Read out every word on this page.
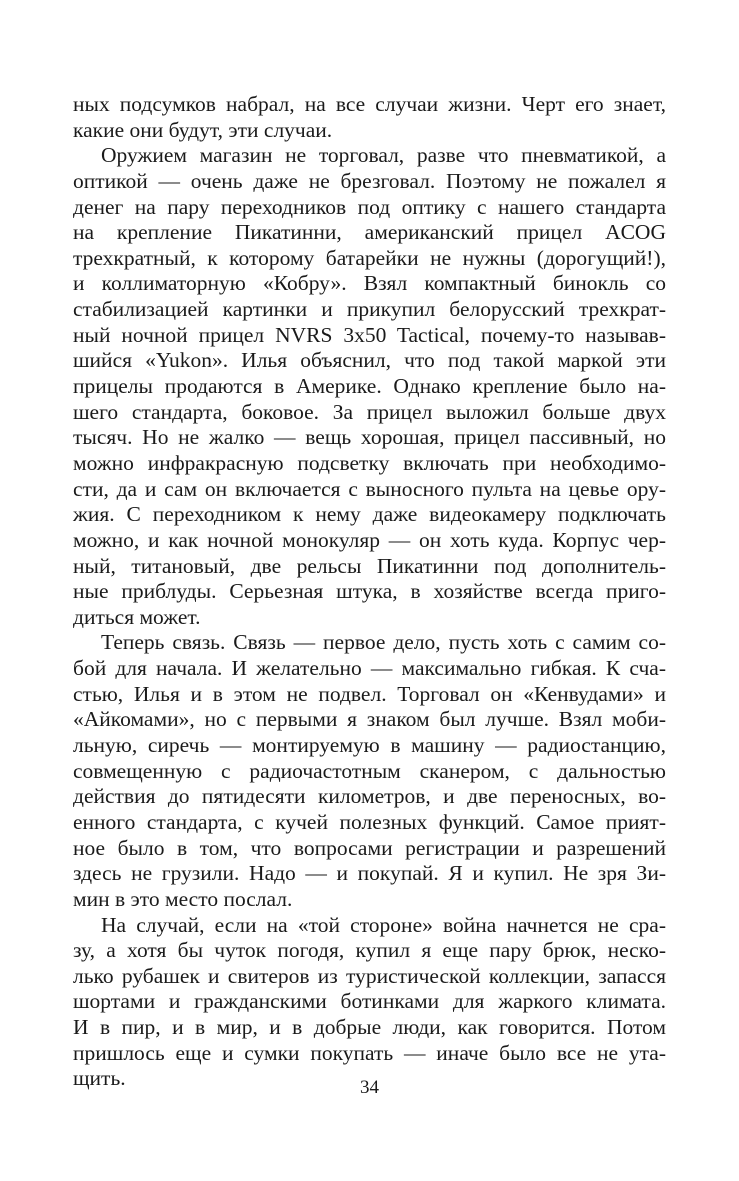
ных подсумков набрал, на все случаи жизни. Черт его знает,
какие они будут, эти случаи.
Оружием магазин не торговал, разве что пневматикой, а
оптикой — очень даже не брезговал. Поэтому не пожалел я
денег на пару переходников под оптику с нашего стандарта
на крепление Пикатинни, американский прицел ACOG
трехкратный, к которому батарейки не нужны (дорогущий!),
и коллиматорную «Кобру». Взял компактный бинокль со
стабилизацией картинки и прикупил белорусский трехкрат-
ный ночной прицел NVRS 3x50 Tactical, почему-то называв-
шийся «Yukon». Илья объяснил, что под такой маркой эти
прицелы продаются в Америке. Однако крепление было на-
шего стандарта, боковое. За прицел выложил больше двух
тысяч. Но не жалко — вещь хорошая, прицел пассивный, но
можно инфракрасную подсветку включать при необходимо-
сти, да и сам он включается с выносного пульта на цевье ору-
жия. С переходником к нему даже видеокамеру подключать
можно, и как ночной монокуляр — он хоть куда. Корпус чер-
ный, титановый, две рельсы Пикатинни под дополнитель-
ные приблуды. Серьезная штука, в хозяйстве всегда приго-
диться может.
Теперь связь. Связь — первое дело, пусть хоть с самим со-
бой для начала. И желательно — максимально гибкая. К сча-
стью, Илья и в этом не подвел. Торговал он «Кенвудами» и
«Айкомами», но с первыми я знаком был лучше. Взял моби-
льную, сиречь — монтируемую в машину — радиостанцию,
совмещенную с радиочастотным сканером, с дальностью
действия до пятидесяти километров, и две переносных, во-
енного стандарта, с кучей полезных функций. Самое прият-
ное было в том, что вопросами регистрации и разрешений
здесь не грузили. Надо — и покупай. Я и купил. Не зря Зи-
мин в это место послал.
На случай, если на «той стороне» война начнется не сра-
зу, а хотя бы чуток погодя, купил я еще пару брюк, неско-
лько рубашек и свитеров из туристической коллекции, запасся
шортами и гражданскими ботинками для жаркого климата.
И в пир, и в мир, и в добрые люди, как говорится. Потом
пришлось еще и сумки покупать — иначе было все не ута-
щить.	34
